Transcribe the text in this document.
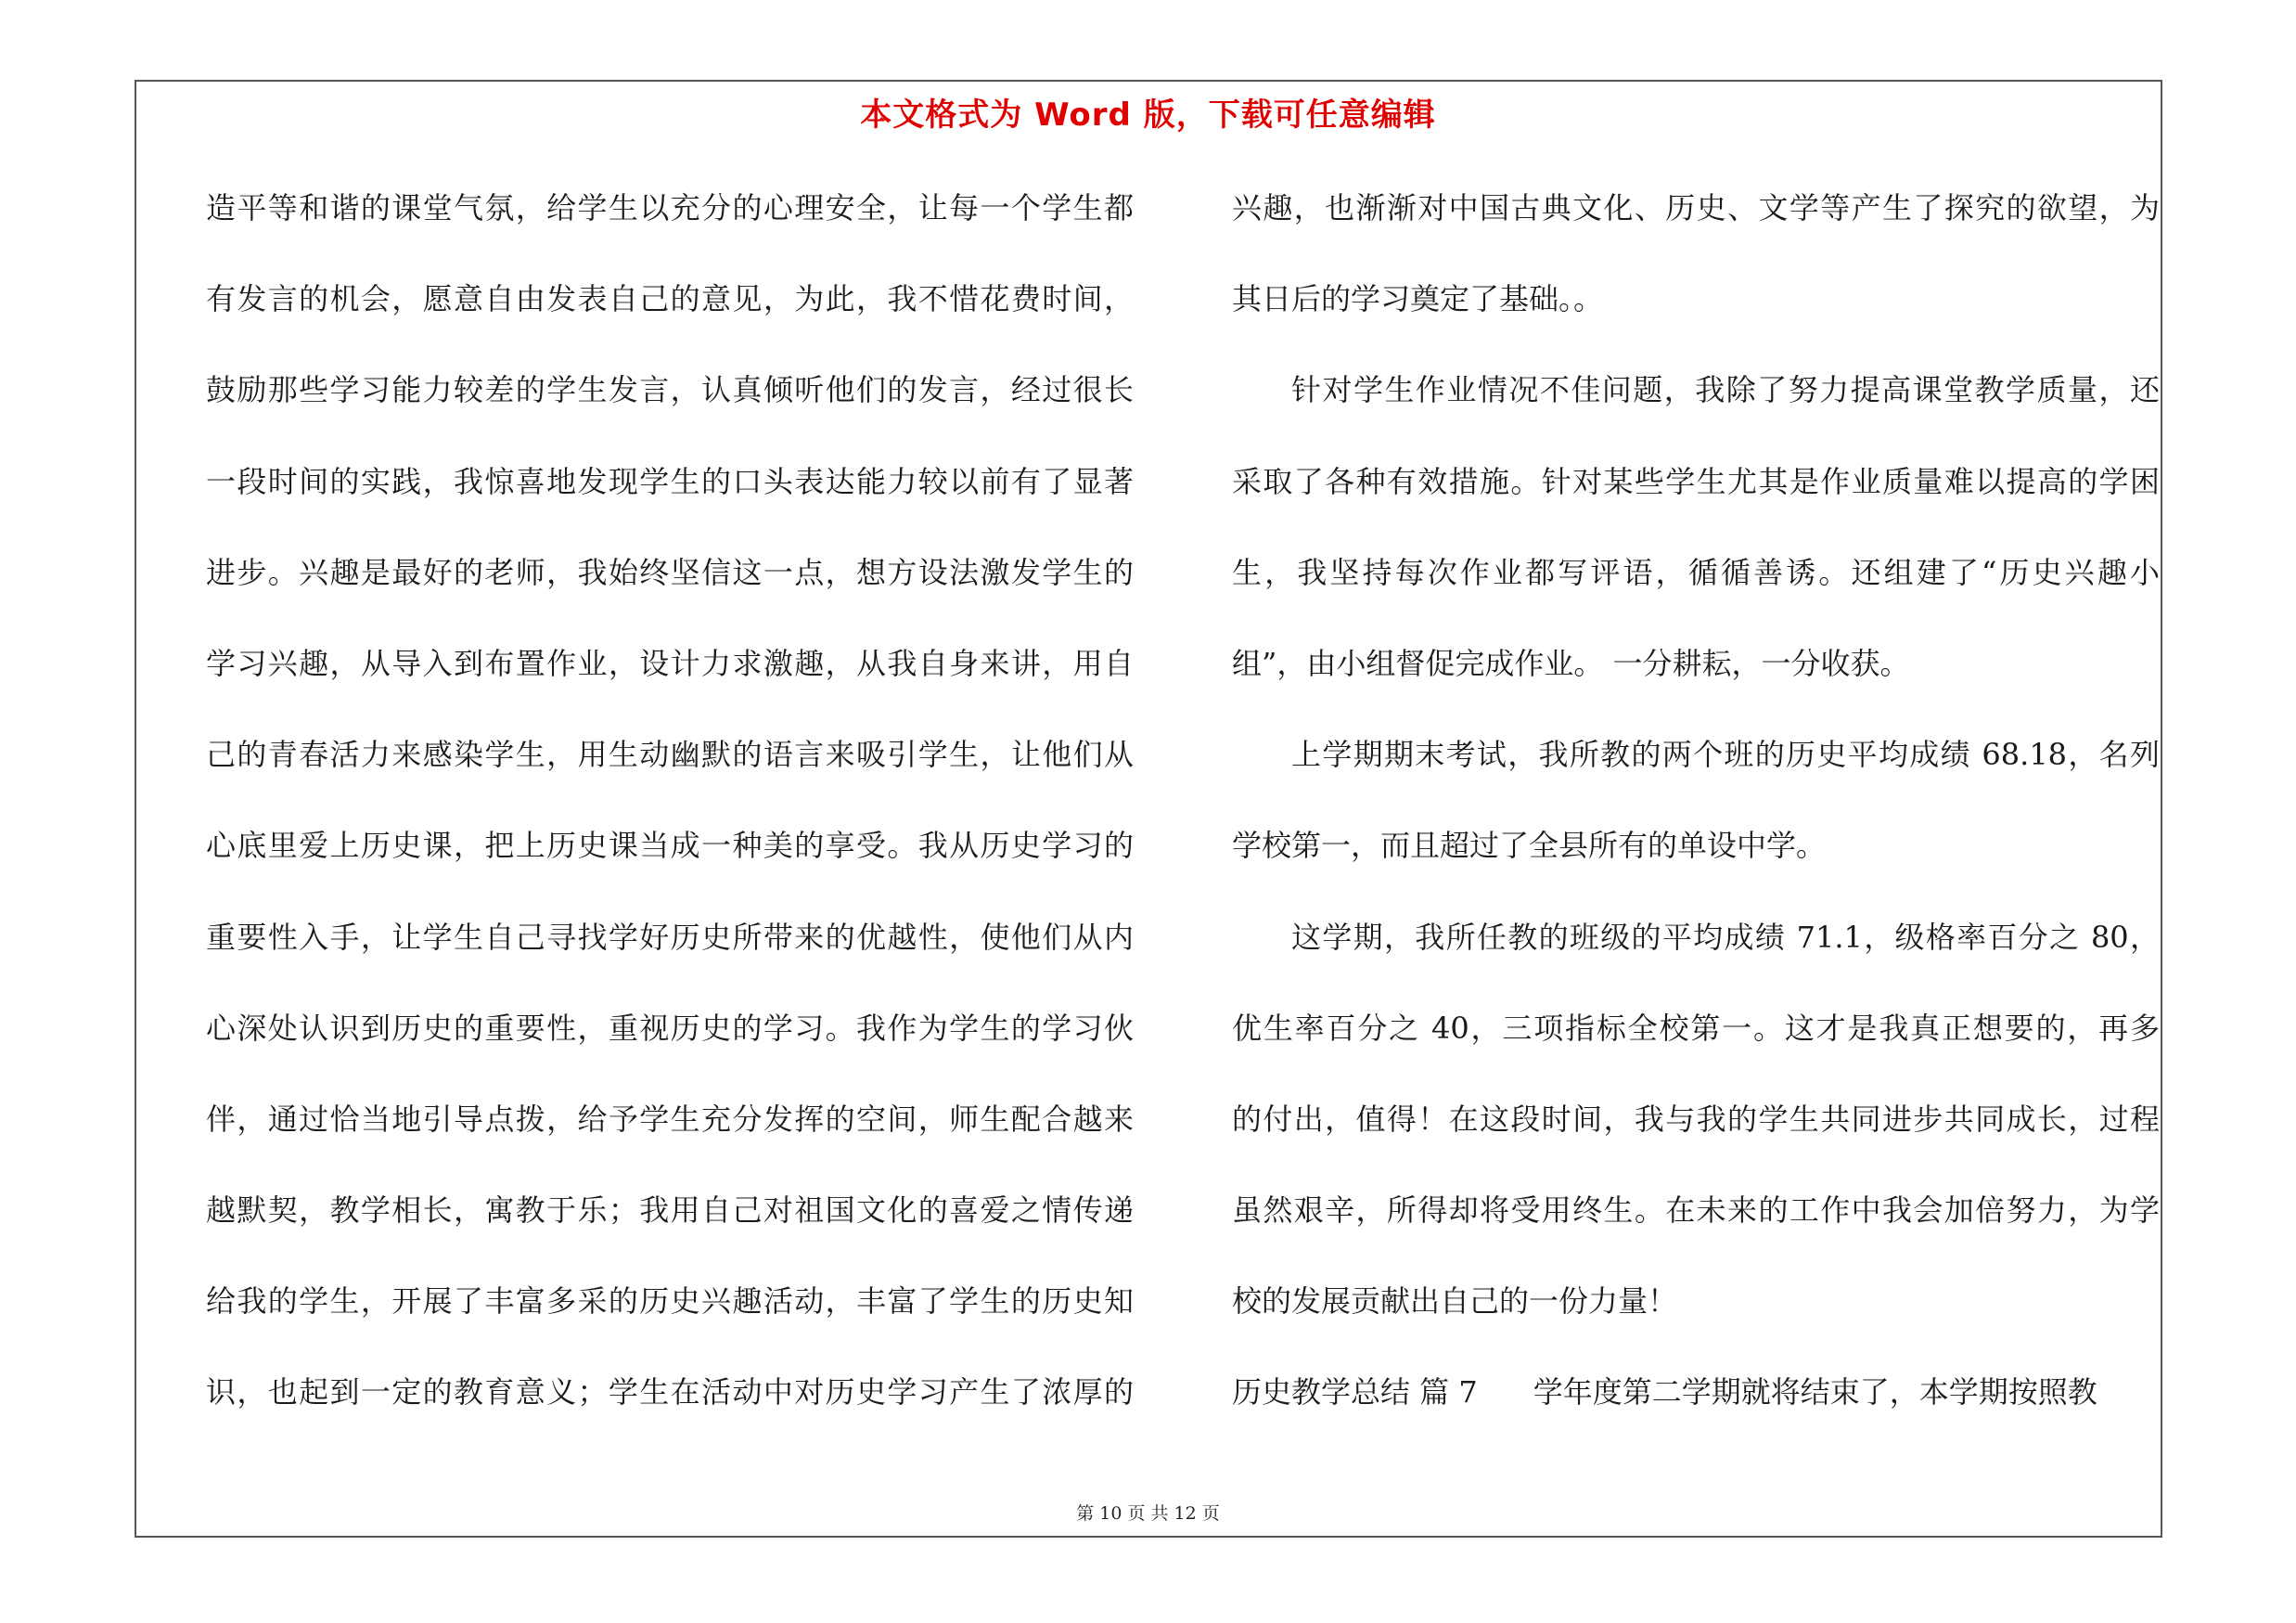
本文格式为 Word 版，下载可任意编辑
造平等和谐的课堂气氛，给学生以充分的心理安全，让每一个学生都
有发言的机会，愿意自由发表自己的意见，为此，我不惜花费时间，
鼓励那些学习能力较差的学生发言，认真倾听他们的发言，经过很长
一段时间的实践，我惊喜地发现学生的口头表达能力较以前有了显著
进步。兴趣是最好的老师，我始终坚信这一点，想方设法激发学生的
学习兴趣，从导入到布置作业，设计力求激趣，从我自身来讲，用自
己的青春活力来感染学生，用生动幽默的语言来吸引学生，让他们从
心底里爱上历史课，把上历史课当成一种美的享受。我从历史学习的
重要性入手，让学生自己寻找学好历史所带来的优越性，使他们从内
心深处认识到历史的重要性，重视历史的学习。我作为学生的学习伙
伴，通过恰当地引导点拨，给予学生充分发挥的空间，师生配合越来
越默契，教学相长，寓教于乐；我用自己对祖国文化的喜爱之情传递
给我的学生，开展了丰富多采的历史兴趣活动，丰富了学生的历史知
识，也起到一定的教育意义；学生在活动中对历史学习产生了浓厚的
兴趣，也渐渐对中国古典文化、历史、文学等产生了探究的欲望，为
其日后的学习奠定了基础。。
针对学生作业情况不佳问题，我除了努力提高课堂教学质量，还
采取了各种有效措施。针对某些学生尤其是作业质量难以提高的学困
生，我坚持每次作业都写评语，循循善诱。还组建了“历史兴趣小
组”，由小组督促完成作业。 一分耕耘，一分收获。
上学期期末考试，我所教的两个班的历史平均成绩 68.18，名列
学校第一，而且超过了全县所有的单设中学。
这学期，我所任教的班级的平均成绩 71.1，级格率百分之 80，
优生率百分之 40，三项指标全校第一。这才是我真正想要的，再多
的付出，值得！在这段时间，我与我的学生共同进步共同成长，过程
虽然艰辛，所得却将受用终生。在未来的工作中我会加倍努力，为学
校的发展贡献出自己的一份力量！
历史教学总结 篇 7 学年度第二学期就将结束了，本学期按照教
第 10 页 共 12 页
